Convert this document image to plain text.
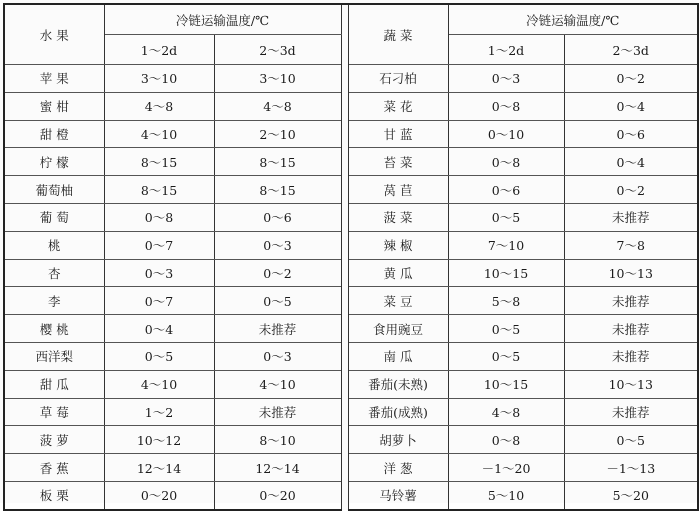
水 果	冷链运输温度/℃			蔬 菜	冷链运输温度/℃	
	1～2d	2～3d			1～2d	2～3d
苹 果	3～10	3～10		石刁柏	0～3	0～2
蜜 柑	4～8	4～8		菜 花	0～8	0～4
甜 橙	4～10	2～10		甘 蓝	0～10	0～6
柠 檬	8～15	8～15		苔 菜	0～8	0～4
葡萄柚	8～15	8～15		莴 苣	0～6	0～2
葡 萄	0～8	0～6		菠 菜	0～5	未推荐
桃	0～7	0～3		辣 椒	7～10	7～8
杏	0～3	0～2		黄 瓜	10～15	10～13
李	0～7	0～5		菜 豆	5～8	未推荐
樱 桃	0～4	未推荐		食用豌豆	0～5	未推荐
西洋梨	0～5	0～3		南 瓜	0～5	未推荐
甜 瓜	4～10	4～10		番茄(未熟)	10～15	10～13
草 莓	1～2	未推荐		番茄(成熟)	4～8	未推荐
菠 萝	10～12	8～10		胡萝卜	0～8	0～5
香 蕉	12～14	12～14		洋 葱	－1～20	－1～13
板 栗	0～20	0～20		马铃薯	5～10	5～20
